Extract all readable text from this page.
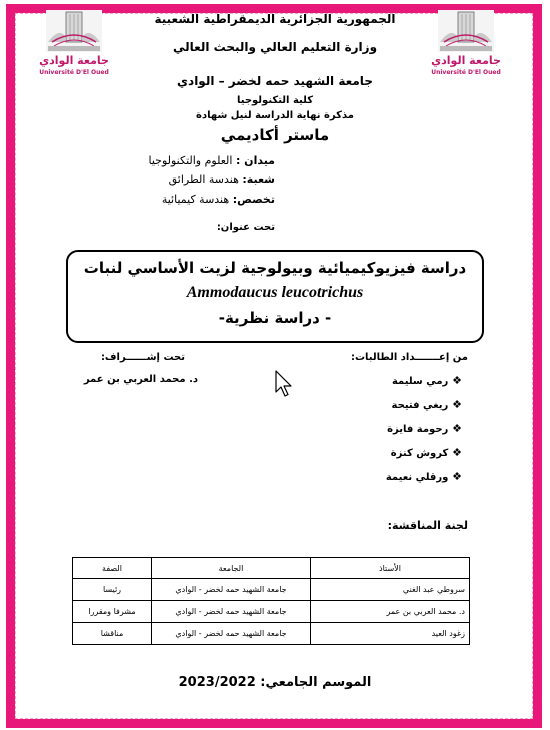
جامعة الوادي
Université D'El Oued
جامعة الوادي
Université D'El Oued
الجمهورية الجزائرية الديمقراطية الشعبية
وزارة التعليم العالي والبحث العالي
جامعة الشهيد حمه لخضر – الوادي
كلية التكنولوجيا
مذكرة نهاية الدراسة لنيل شهادة
ماستر أكاديمي
ميدان : العلوم والتكنولوجيا
شعبة: هندسة الطرائق
تخصص: هندسة كيميائية
تحت عنوان:
دراسة فيزيوكيميائية وبيولوجية لزيت الأساسي لنبات
Ammodaucus leucotrichus
- دراسة نظرية-
من إعـــــــداد الطالبات:
❖ رمي سليمة
❖ ريغي فتيحة
❖ رحومة فايزة
❖ كروش كنزة
❖ ورقلي نعيمة
تحت إشــــــراف:
د. محمد العربي بن عمر
لجنة المناقشة:
الأستاذ	الجامعة	الصفة
سروطي عبد الغني	جامعة الشهيد حمه لخضر - الوادي	رئيسا
د. محمد العربي بن عمر	جامعة الشهيد حمه لخضر - الوادي	مشرفا ومقررا
زغود العيد	جامعة الشهيد حمه لخضر - الوادي	مناقشا
الموسم الجامعي: 2023/2022
